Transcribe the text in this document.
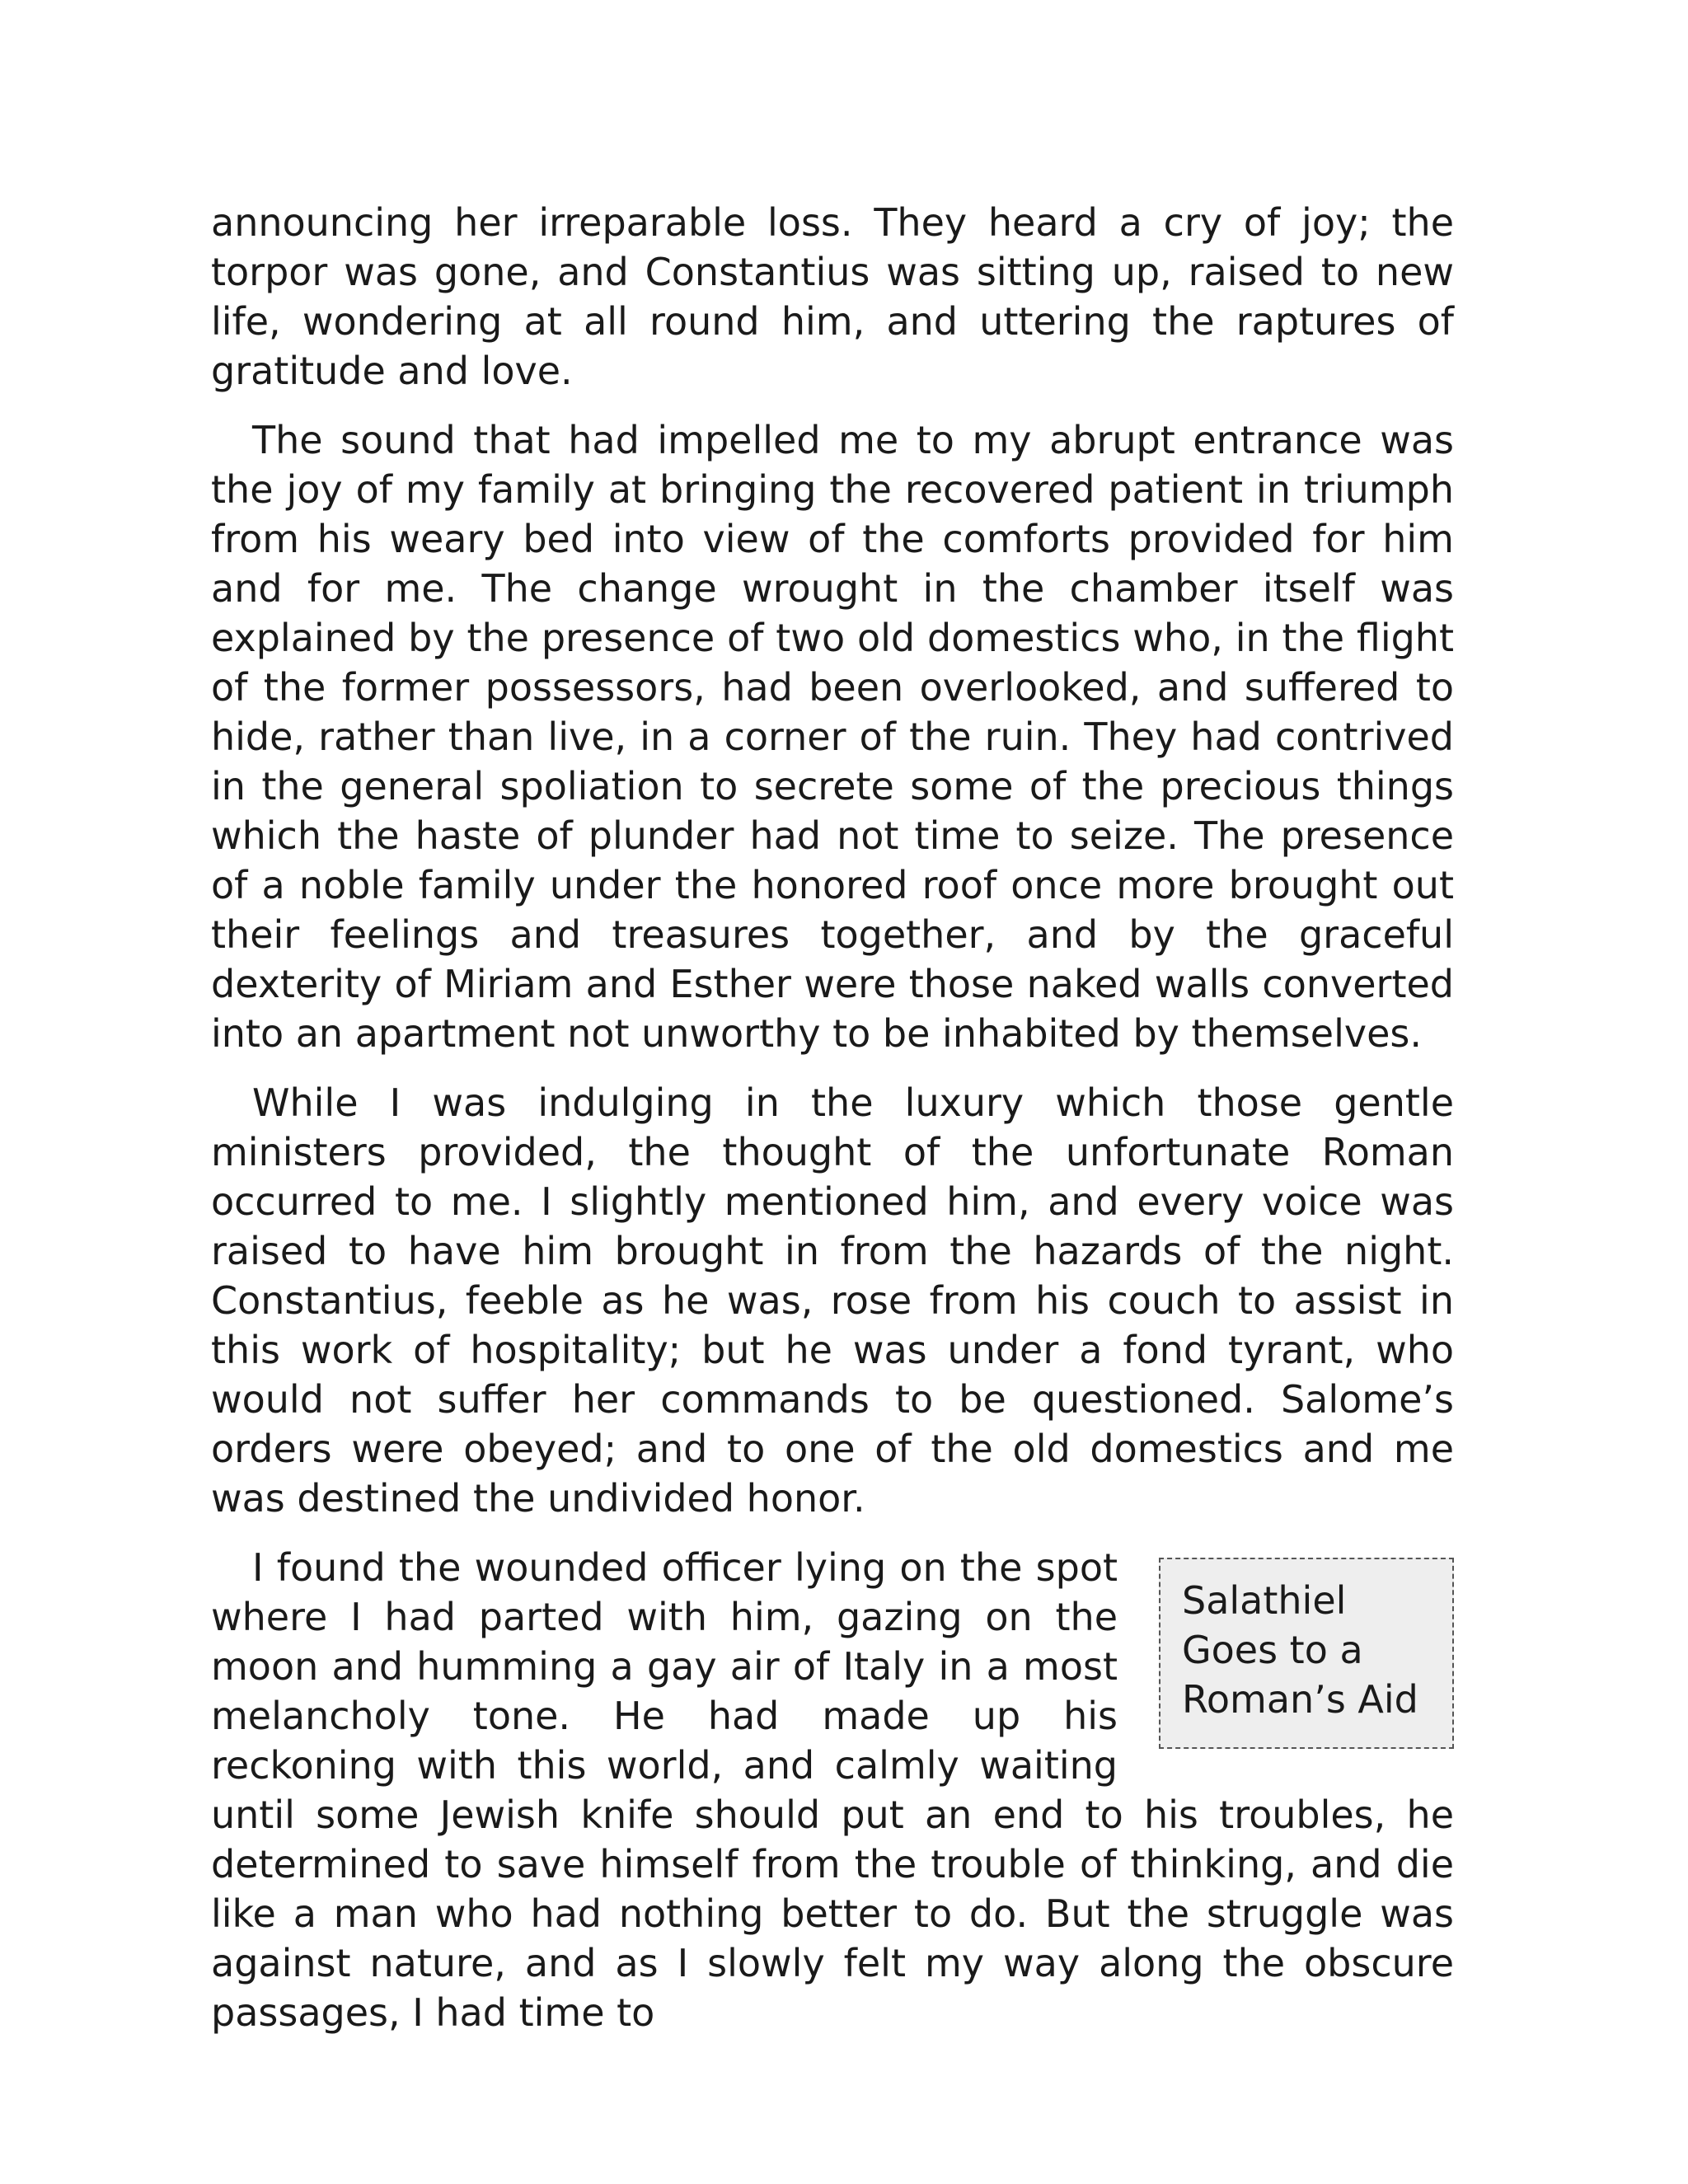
announcing her irreparable loss. They heard a cry of joy; the torpor was gone, and Constantius was sitting up, raised to new life, wondering at all round him, and uttering the raptures of gratitude and love.

The sound that had impelled me to my abrupt entrance was the joy of my family at bringing the recovered patient in triumph from his weary bed into view of the comforts provided for him and for me. The change wrought in the chamber itself was explained by the presence of two old domestics who, in the flight of the former possessors, had been overlooked, and suffered to hide, rather than live, in a corner of the ruin. They had contrived in the general spoliation to secrete some of the precious things which the haste of plunder had not time to seize. The presence of a noble family under the honored roof once more brought out their feelings and treasures together, and by the graceful dexterity of Miriam and Esther were those naked walls converted into an apartment not unworthy to be inhabited by themselves.

While I was indulging in the luxury which those gentle ministers provided, the thought of the unfortunate Roman occurred to me. I slightly mentioned him, and every voice was raised to have him brought in from the hazards of the night. Constantius, feeble as he was, rose from his couch to assist in this work of hospitality; but he was under a fond tyrant, who would not suffer her commands to be questioned. Salome’s orders were obeyed; and to one of the old domestics and me was destined the undivided honor.

Salathiel
Goes to a
Roman’s Aid

I found the wounded officer lying on the spot where I had parted with him, gazing on the moon and humming a gay air of Italy in a most melancholy tone. He had made up his reckoning with this world, and calmly waiting until some Jewish knife should put an end to his troubles, he determined to save himself from the trouble of thinking, and die like a man who had nothing better to do. But the struggle was against nature, and as I slowly felt my way along the obscure passages, I had time to
